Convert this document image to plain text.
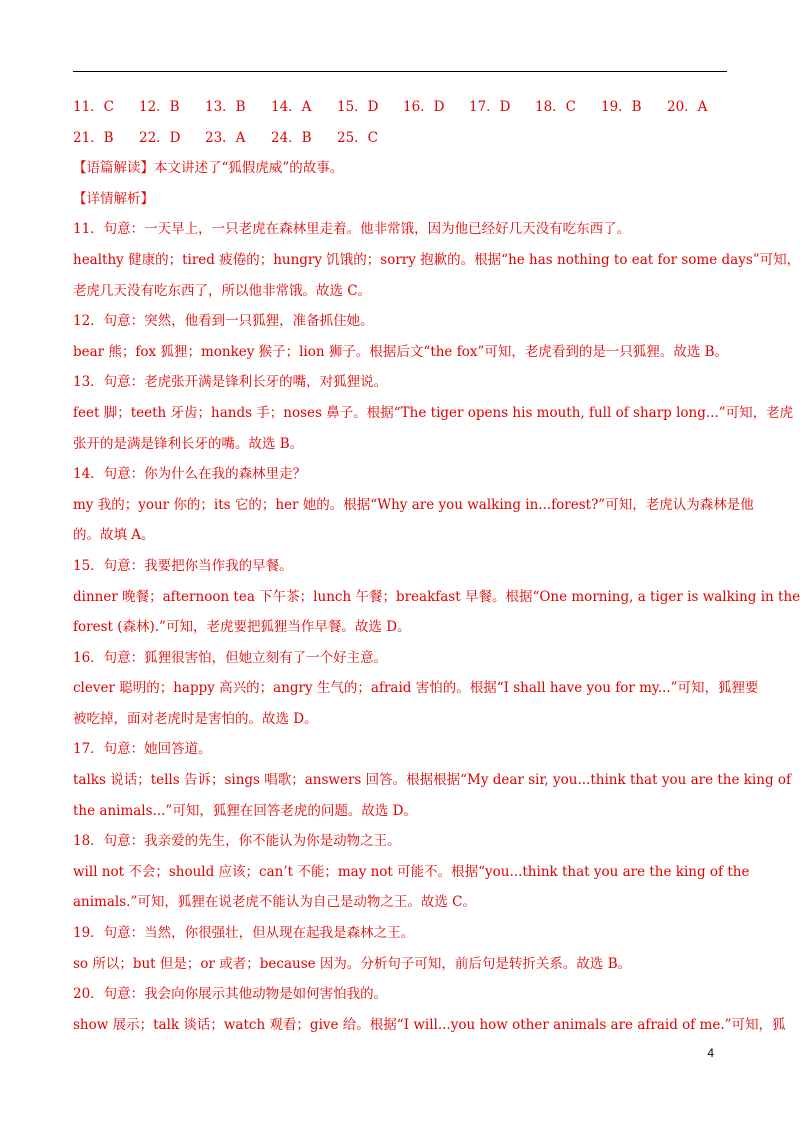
11．C 12．B 13．B 14．A 15．D 16．D 17．D 18．C 19．B 20．A
21．B 22．D 23．A 24．B 25．C
【语篇解读】本文讲述了“狐假虎威”的故事。
【详情解析】
11．句意：一天早上，一只老虎在森林里走着。他非常饿，因为他已经好几天没有吃东西了。
healthy 健康的；tired 疲倦的；hungry 饥饿的；sorry 抱歉的。根据“he has nothing to eat for some days”可知，
老虎几天没有吃东西了，所以他非常饿。故选 C。
12．句意：突然，他看到一只狐狸，准备抓住她。
bear 熊；fox 狐狸；monkey 猴子；lion 狮子。根据后文“the fox”可知，老虎看到的是一只狐狸。故选 B。
13．句意：老虎张开满是锋利长牙的嘴，对狐狸说。
feet 脚；teeth 牙齿；hands 手；noses 鼻子。根据“The tiger opens his mouth, full of sharp long...”可知，老虎
张开的是满是锋利长牙的嘴。故选 B。
14．句意：你为什么在我的森林里走？
my 我的；your 你的；its 它的；her 她的。根据“Why are you walking in...forest?”可知，老虎认为森林是他
的。故填 A。
15．句意：我要把你当作我的早餐。
dinner 晚餐；afternoon tea 下午茶；lunch 午餐；breakfast 早餐。根据“One morning, a tiger is walking in the
forest (森林).”可知，老虎要把狐狸当作早餐。故选 D。
16．句意：狐狸很害怕，但她立刻有了一个好主意。
clever 聪明的；happy 高兴的；angry 生气的；afraid 害怕的。根据“I shall have you for my...”可知，狐狸要
被吃掉，面对老虎时是害怕的。故选 D。
17．句意：她回答道。
talks 说话；tells 告诉；sings 唱歌；answers 回答。根据根据“My dear sir, you...think that you are the king of
the animals...”可知，狐狸在回答老虎的问题。故选 D。
18．句意：我亲爱的先生，你不能认为你是动物之王。
will not 不会；should 应该；can’t 不能；may not 可能不。根据“you...think that you are the king of the
animals.”可知，狐狸在说老虎不能认为自己是动物之王。故选 C。
19．句意：当然，你很强壮，但从现在起我是森林之王。
so 所以；but 但是；or 或者；because 因为。分析句子可知，前后句是转折关系。故选 B。
20．句意：我会向你展示其他动物是如何害怕我的。
show 展示；talk 谈话；watch 观看；give 给。根据“I will...you how other animals are afraid of me.”可知，狐
4
